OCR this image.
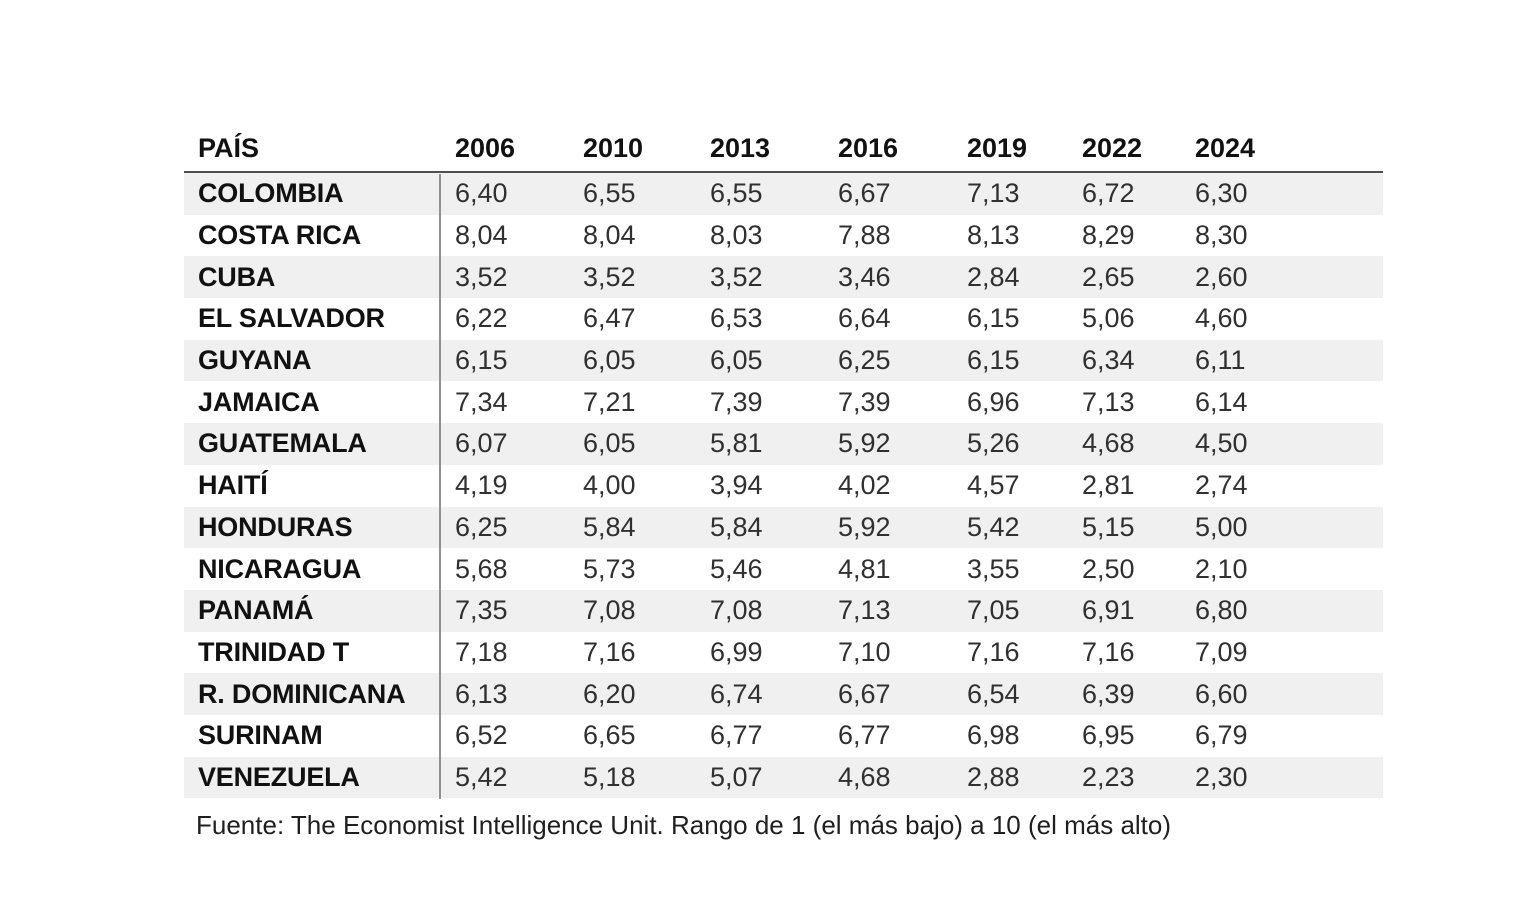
PAÍS	2006	2010	2013	2016	2019	2022	2024
COLOMBIA	6,40	6,55	6,55	6,67	7,13	6,72	6,30
COSTA RICA	8,04	8,04	8,03	7,88	8,13	8,29	8,30
CUBA	3,52	3,52	3,52	3,46	2,84	2,65	2,60
EL SALVADOR	6,22	6,47	6,53	6,64	6,15	5,06	4,60
GUYANA	6,15	6,05	6,05	6,25	6,15	6,34	6,11
JAMAICA	7,34	7,21	7,39	7,39	6,96	7,13	6,14
GUATEMALA	6,07	6,05	5,81	5,92	5,26	4,68	4,50
HAITÍ	4,19	4,00	3,94	4,02	4,57	2,81	2,74
HONDURAS	6,25	5,84	5,84	5,92	5,42	5,15	5,00
NICARAGUA	5,68	5,73	5,46	4,81	3,55	2,50	2,10
PANAMÁ	7,35	7,08	7,08	7,13	7,05	6,91	6,80
TRINIDAD T	7,18	7,16	6,99	7,10	7,16	7,16	7,09
R. DOMINICANA	6,13	6,20	6,74	6,67	6,54	6,39	6,60
SURINAM	6,52	6,65	6,77	6,77	6,98	6,95	6,79
VENEZUELA	5,42	5,18	5,07	4,68	2,88	2,23	2,30
Fuente: The Economist Intelligence Unit. Rango de 1 (el más bajo) a 10 (el más alto)
